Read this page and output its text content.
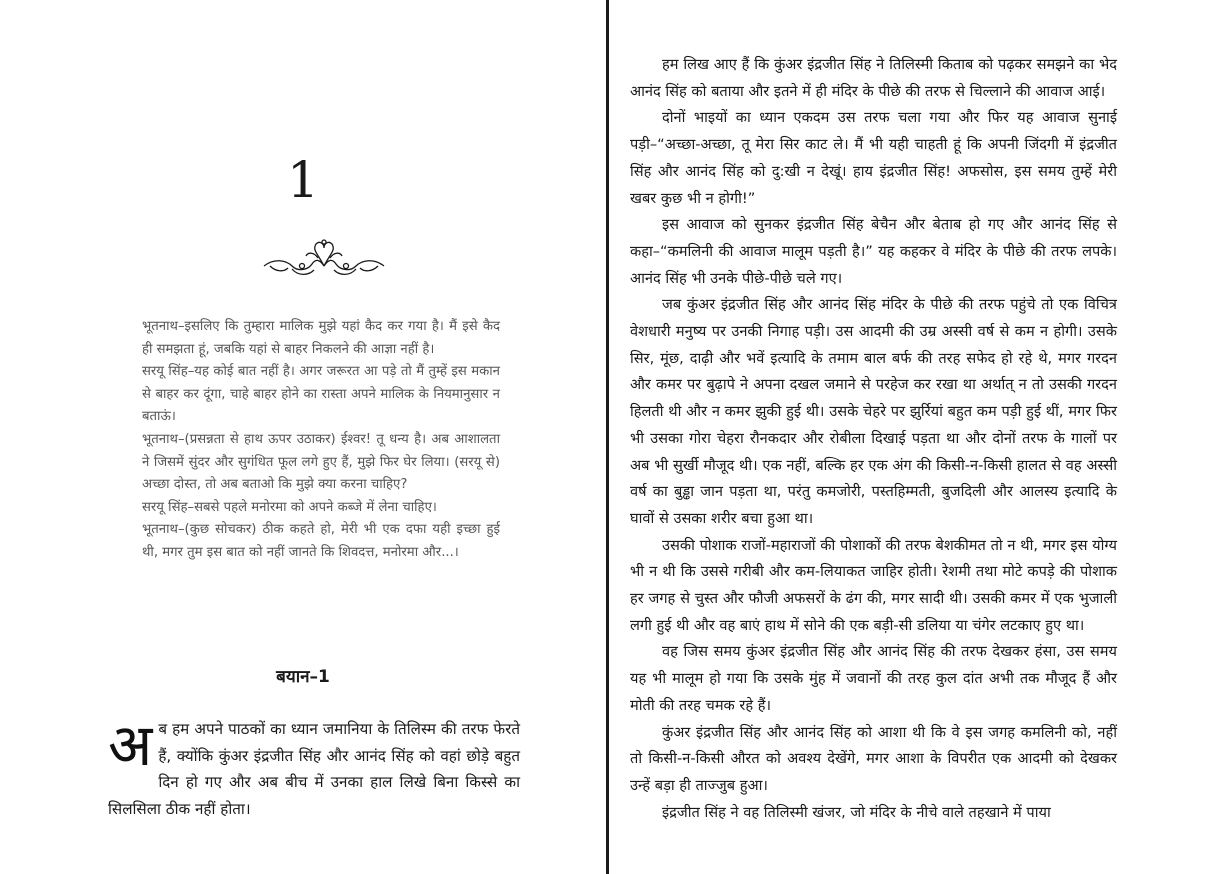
1

भूतनाथ–इसलिए कि तुम्हारा मालिक मुझे यहां कैद कर गया है। मैं इसे कैद ही समझता हूं, जबकि यहां से बाहर निकलने की आज्ञा नहीं है।

सरयू सिंह–यह कोई बात नहीं है। अगर जरूरत आ पड़े तो मैं तुम्हें इस मकान से बाहर कर दूंगा, चाहे बाहर होने का रास्ता अपने मालिक के नियमानुसार न बताऊं।

भूतनाथ–(प्रसन्नता से हाथ ऊपर उठाकर) ईश्वर! तू धन्य है। अब आशालता ने जिसमें सुंदर और सुगंधित फूल लगे हुए हैं, मुझे फिर घेर लिया। (सरयू से) अच्छा दोस्त, तो अब बताओ कि मुझे क्या करना चाहिए?

सरयू सिंह–सबसे पहले मनोरमा को अपने कब्जे में लेना चाहिए।

भूतनाथ–(कुछ सोचकर) ठीक कहते हो, मेरी भी एक दफा यही इच्छा हुई थी, मगर तुम इस बात को नहीं जानते कि शिवदत्त, मनोरमा और...।

बयान–1

अब हम अपने पाठकों का ध्यान जमानिया के तिलिस्म की तरफ फेरते हैं, क्योंकि कुंअर इंद्रजीत सिंह और आनंद सिंह को वहां छोड़े बहुत दिन हो गए और अब बीच में उनका हाल लिखे बिना किस्से का सिलसिला ठीक नहीं होता।

हम लिख आए हैं कि कुंअर इंद्रजीत सिंह ने तिलिस्मी किताब को पढ़कर समझने का भेद आनंद सिंह को बताया और इतने में ही मंदिर के पीछे की तरफ से चिल्लाने की आवाज आई।

दोनों भाइयों का ध्यान एकदम उस तरफ चला गया और फिर यह आवाज सुनाई पड़ी–“अच्छा-अच्छा, तू मेरा सिर काट ले। मैं भी यही चाहती हूं कि अपनी जिंदगी में इंद्रजीत सिंह और आनंद सिंह को दु:खी न देखूं। हाय इंद्रजीत सिंह! अफसोस, इस समय तुम्हें मेरी खबर कुछ भी न होगी!”

इस आवाज को सुनकर इंद्रजीत सिंह बेचैन और बेताब हो गए और आनंद सिंह से कहा–“कमलिनी की आवाज मालूम पड़ती है।” यह कहकर वे मंदिर के पीछे की तरफ लपके। आनंद सिंह भी उनके पीछे-पीछे चले गए।

जब कुंअर इंद्रजीत सिंह और आनंद सिंह मंदिर के पीछे की तरफ पहुंचे तो एक विचित्र वेशधारी मनुष्य पर उनकी निगाह पड़ी। उस आदमी की उम्र अस्सी वर्ष से कम न होगी। उसके सिर, मूंछ, दाढ़ी और भवें इत्यादि के तमाम बाल बर्फ की तरह सफेद हो रहे थे, मगर गरदन और कमर पर बुढ़ापे ने अपना दखल जमाने से परहेज कर रखा था अर्थात् न तो उसकी गरदन हिलती थी और न कमर झुकी हुई थी। उसके चेहरे पर झुर्रियां बहुत कम पड़ी हुई थीं, मगर फिर भी उसका गोरा चेहरा रौनकदार और रोबीला दिखाई पड़ता था और दोनों तरफ के गालों पर अब भी सुर्खी मौजूद थी। एक नहीं, बल्कि हर एक अंग की किसी-न-किसी हालत से वह अस्सी वर्ष का बुड्ढा जान पड़ता था, परंतु कमजोरी, पस्तहिम्मती, बुजदिली और आलस्य इत्यादि के घावों से उसका शरीर बचा हुआ था।

उसकी पोशाक राजों-महाराजों की पोशाकों की तरफ बेशकीमत तो न थी, मगर इस योग्य भी न थी कि उससे गरीबी और कम-लियाकत जाहिर होती। रेशमी तथा मोटे कपड़े की पोशाक हर जगह से चुस्त और फौजी अफसरों के ढंग की, मगर सादी थी। उसकी कमर में एक भुजाली लगी हुई थी और वह बाएं हाथ में सोने की एक बड़ी-सी डलिया या चंगेर लटकाए हुए था।

वह जिस समय कुंअर इंद्रजीत सिंह और आनंद सिंह की तरफ देखकर हंसा, उस समय यह भी मालूम हो गया कि उसके मुंह में जवानों की तरह कुल दांत अभी तक मौजूद हैं और मोती की तरह चमक रहे हैं।

कुंअर इंद्रजीत सिंह और आनंद सिंह को आशा थी कि वे इस जगह कमलिनी को, नहीं तो किसी-न-किसी औरत को अवश्य देखेंगे, मगर आशा के विपरीत एक आदमी को देखकर उन्हें बड़ा ही ताज्जुब हुआ।

इंद्रजीत सिंह ने वह तिलिस्मी खंजर, जो मंदिर के नीचे वाले तहखाने में पाया
